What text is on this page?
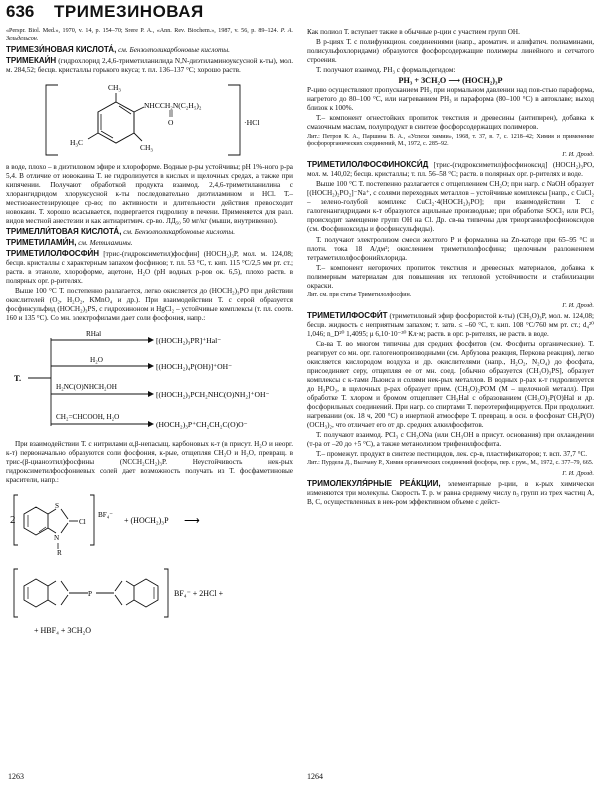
636 ТРИМЕЗИНОВАЯ

«Perspr. Biol. Med.», 1970, v. 14, p. 154–70; Srere P. A., «Ann. Rev. Biochem.», 1987, v. 56, p. 89–124. Р. А. Зельдельсон.

ТРИМЕЗИ́НОВАЯ КИСЛОТА́, см. Бензолполикарбоновые кислоты.

ТРИМЕКАИ́Н (гидрохлорид 2,4,6-триметиланилида N,N-диэтиламиноуксусной к-ты), мол. м. 284,52; бесцв. кристаллы горького вкуса; т. пл. 136–137 °С; хорошо раств.

CH₃
NHCCH₂N(C₂H₅)₂
O
CH₃
H₃C
·HCl

в воде, плохо – в диэтиловом эфире и хлороформе. Водные р-ры устойчивы; рН 1%-ного р-ра 5,4. В отличие от новокаина Т. не гидролизуется в кислых и щелочных средах, а также при кипячении. Получают обработкой продукта взаимод. 2,4,6-триметиланилина с хлорангидридом хлоруксусной к-ты последовательно диэтиламином и HCl. Т.– местноанестезирующее ср-во; по активности и длительности действия превосходит новокаин. Т. хорошо всасывается, подвергается гидролизу в печени. Применяется для разл. видов местной анестезии и как антиаритмич. ср-во. ЛД₅₀ 50 мг/кг (мыши, внутривенно).

ТРИМЕЛЛИ́ТОВАЯ КИСЛОТА́, см. Бензолполикарбоновые кислоты.

ТРИМЕТИЛАМИ́Н, см. Метиламины.

ТРИМЕТИЛОЛФОСФИ́Н [трис-(гидроксиметил)фосфин] (HOCH₂)₃P, мол. м. 124,08; бесцв. кристаллы с характерным запахом фосфинов; т. пл. 53 °С, т. кип. 115 °С/2,5 мм рт. ст.; раств. в этаноле, хлороформе, ацетоне, Н₂О (рН водных р-ров ок. 6,5), плохо раств. в полярных орг. р-рителях.

Выше 100 °С Т. постепенно разлагается, легко окисляется до (HOCH₂)₃PO при действии окислителей (O₂, H₂O₂, KMnO₄ и др.). При взаимодействии Т. с серой образуется фосфинсульфид (HOCH₂)₃PS, с гидрохиноном и HgCl₂ – устойчивые комплексы (т. пл. соотв. 160 и 135 °С). Со мн. электрофилами дает соли фосфония, напр.:

T.
RHal
[(HOCH₂)₃PR]⁺Hal⁻
H₂O
[(HOCH₂)₄P(OH)]⁺OH⁻
H₂NC(O)NHCH₂OH
[(HOCH₂)₃PCH₂NHC(O)NH₂]⁺OH⁻
CH₂=CHCOOH, H₂O
(HOCH₂)₃P⁺CH₂CH₂C(O)O⁻

При взаимодействии Т. с нитрилами α,β-непасыщ. карбоновых к-т (в присут. H₂O и неорг. к-т) первоначально образуются соли фосфония, к-рые, отщепляя CH₂O и H₂O, превращ. в трис-(β-цианоэтил)фосфины (NCCH₂CH₂)₃P. Неустойчивость нек-рых гидроксиметилфосфониевых солей дает возможность получать из Т. фосфаметиновые красители, напр.:

2
S
N
R
Cl
BF₄⁻
+ (HOCH₂)₃P ⟶
P	BF₄⁻ + 2HCl +
+ HBF₄ + 3CH₂O

Как полиол Т. вступает также в обычные р-ции с участием групп ОН.

В р-циях Т. с полифункцион. соединениями (напр., ароматич. и алифатич. полиаминами, полисульфохлоридами) образуются фосфорсодержащие полимеры линейного и сетчатого строения.

Т. получают взаимод. PH₃ с формальдегидом:

PH₃ + 3CH₂O ⟶ (HOCH₂)₃P

Р-цию осуществляют пропусканием PH₃ при нормальном давлении над пов-стью параформа, нагретого до 80–100 °С, или нагреванием PH₃ и параформа (80–100 °С) в автоклаве; выход близок к 100%.

Т.– компонент огнестойких пропиток текстиля и древесины (антипирен), добавка к смазочным маслам, полупродукт в синтезе фосфорсодержащих полимеров.

Лит.: Петров К. А., Паршина В. А., «Успехи химии», 1968, т. 37, в. 7, с. 1218–42; Химия и применение фосфорорганических соединений, М., 1972, с. 285–92.

Г. И. Дрозд.

ТРИМЕТИЛОЛФОСФИНОКСИ́Д [трис-(гидроксиметил)фосфиноксид] (HOCH₂)₃PO, мол. м. 140,02; бесцв. кристаллы; т. пл. 56–58 °С; раств. в полярных орг. р-рителях и воде.

Выше 100 °С Т. постепенно разлагается с отщеплением CH₂O; при нагр. с NaOH образует [(HOCH₂)₂PO₂]⁻Na⁺, с солями переходных металлов – устойчивые комплексы [напр., с CuCl₂ – зелено-голубой комплекс CuCl₂·4(HOCH₂)₃PO]; при взаимодействии Т. с галогенангидридами к-т образуются ацильные производные; при обработке SOCl₂ или PCl₅ происходит замещение групп ОН на Cl. Др. св-ва типичны для триорганилфосфиноксидов (см. Фосфиноксиды и фосфинсульфиды).

Т. получают электролизом смеси желтого Р и формалина на Zn-катоде при 65–95 °С и плотн. тока 18 А/дм²; окислением триметилолфосфина; щелочным разложением тетраметилолфосфонийхлорида.

Т.– компонент негорючих пропиток текстиля и древесных материалов, добавка к полимерным материалам для повышения их тепловой устойчивости и стабилизации окраски.

Лит. см. при статье Триметилолфосфин.

Г. И. Дрозд.

ТРИМЕТИЛФОСФИ́Т (триметиловый эфир фосфористой к-ты) (CH₃O)₃P, мол. м. 124,08; бесцв. жидкость с неприятным запахом; т. затв. ≤ –60 °С, т. кип. 108 °С/760 мм рт. ст.; d₄²⁰ 1,046; n_D²⁰ 1,4095; μ 6,10·10⁻³⁰ Кл·м; раств. в орг. р-рителях, не раств. в воде.

Св-ва Т. во многом типичны для средних фосфитов (см. Фосфиты органические). Т. реагирует со мн. орг. галогенопроизводными (см. Арбузова реакция, Перкова реакция), легко окисляется кислородом воздуха и др. окислителями (напр., H₂O₂, N₂O₄) до фосфата, присоединяет серу, отщепляя ее от мн. соед. [обычно образуется (CH₃O)₃PS], образует комплексы с к-тами Льюиса и солями нек-рых металлов. В водных р-рах к-т гидролизуется до H₃PO₃, в щелочных р-рах образует прим. (CH₃O)₂POM (М – щелочной металл). При обработке Т. хлором и бромом отщепляет CH₃Hal с образованием (CH₃O)₂P(O)Hal и др. фосфорильных соединений. При нагр. со спиртами Т. переэтерифицируется. При продолжит. нагревании (ок. 18 ч, 200 °С) в инертной атмосфере Т. превращ. в осн. в фосфонат CH₃P(O)(OCH₃)₂, что отличает его от др. средних алкилфосфитов.

Т. получают взаимод. PCl₃ с CH₃ONa (или CH₃OH в присут. основания) при охлаждении (т-ра от –20 до +5 °С), а также метанолизом трифенилфосфита.

Т.– промежут. продукт в синтезе пестицидов, лек. ср-в, пластификаторов; т. всп. 37,7 °С.

Лит.: Пурдела Д., Вылчану Р., Химия органических соединений фосфора, пер. с рум., М., 1972, с. 377–79, 665.

Г. И. Дрозд.

ТРИМОЛЕКУЛЯ́РНЫЕ РЕА́КЦИИ, элементарные р-ции, в к-рых химически изменяются три молекулы. Скорость Т. р. w равна среднему числу n₃ групп из трех частиц A, B, C, осуществленных в нек-ром эффективном объеме с дейст-

1263	1264
